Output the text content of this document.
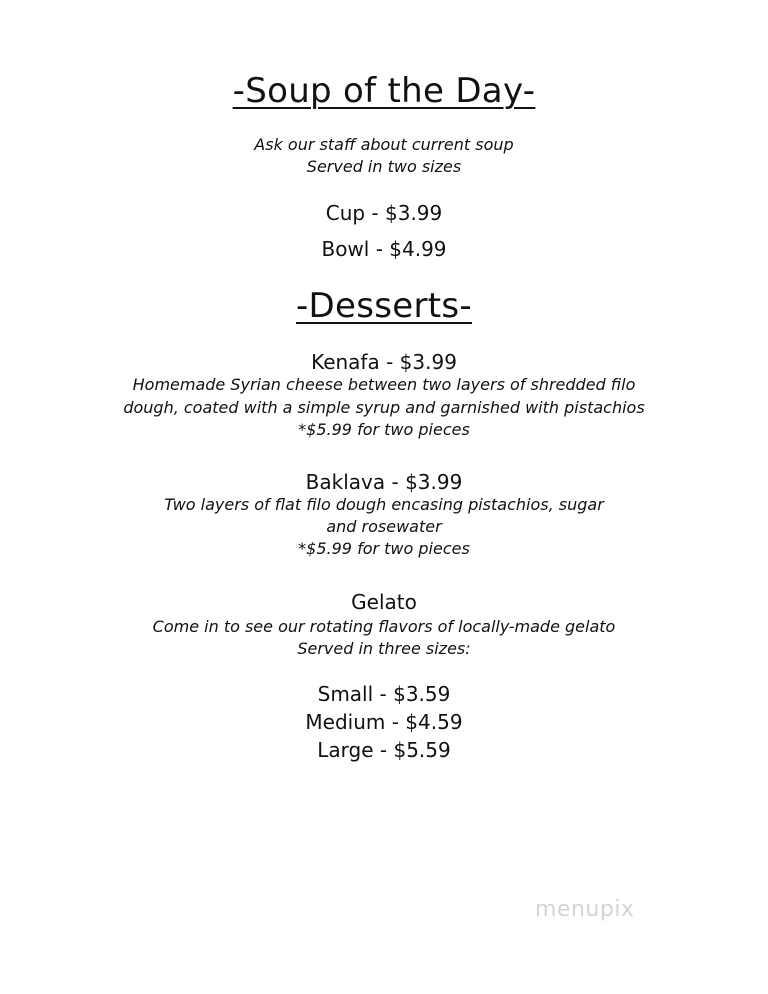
-Soup of the Day-
Ask our staff about current soup
Served in two sizes
Cup - $3.99
Bowl - $4.99
-Desserts-
Kenafa - $3.99
Homemade Syrian cheese between two layers of shredded filo
dough, coated with a simple syrup and garnished with pistachios
*$5.99 for two pieces
Baklava - $3.99
Two layers of flat filo dough encasing pistachios, sugar
and rosewater
*$5.99 for two pieces
Gelato
Come in to see our rotating flavors of locally-made gelato
Served in three sizes:
Small - $3.59
Medium - $4.59
Large - $5.59
menupix
